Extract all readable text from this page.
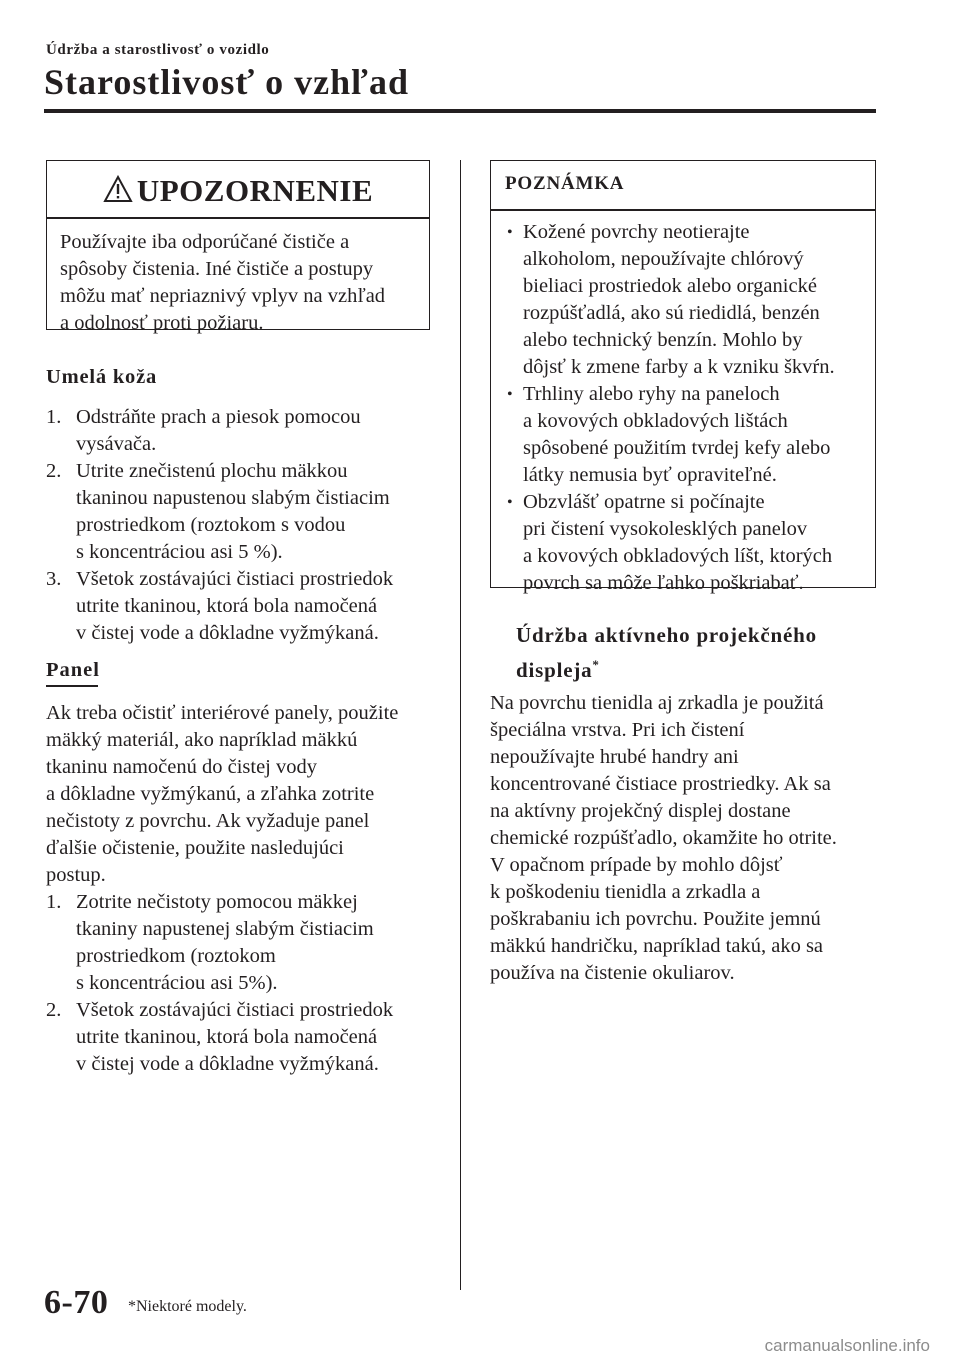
Údržba a starostlivosť o vozidlo
Starostlivosť o vzhľad
UPOZORNENIE
Používajte iba odporúčané čističe a
spôsoby čistenia. Iné čističe a postupy
môžu mať nepriaznivý vplyv na vzhľad
a odolnosť proti požiaru.
Umelá koža
1. Odstráňte prach a piesok pomocou
vysávača.
2. Utrite znečistenú plochu mäkkou
tkaninou napustenou slabým čistiacim
prostriedkom (roztokom s vodou
s koncentráciou asi 5 %).
3. Všetok zostávajúci čistiaci prostriedok
utrite tkaninou, ktorá bola namočená
v čistej vode a dôkladne vyžmýkaná.
Panel
Ak treba očistiť interiérové panely, použite
mäkký materiál, ako napríklad mäkkú
tkaninu namočenú do čistej vody
a dôkladne vyžmýkanú, a zľahka zotrite
nečistoty z povrchu. Ak vyžaduje panel
ďalšie očistenie, použite nasledujúci
postup.
1. Zotrite nečistoty pomocou mäkkej
tkaniny napustenej slabým čistiacim
prostriedkom (roztokom
s koncentráciou asi 5%).
2. Všetok zostávajúci čistiaci prostriedok
utrite tkaninou, ktorá bola namočená
v čistej vode a dôkladne vyžmýkaná.
POZNÁMKA
• Kožené povrchy neotierajte
alkoholom, nepoužívajte chlórový
bieliaci prostriedok alebo organické
rozpúšťadlá, ako sú riedidlá, benzén
alebo technický benzín. Mohlo by
dôjsť k zmene farby a k vzniku škvŕn.
• Trhliny alebo ryhy na paneloch
a kovových obkladových lištách
spôsobené použitím tvrdej kefy alebo
látky nemusia byť opraviteľné.
• Obzvlášť opatrne si počínajte
pri čistení vysokolesklých panelov
a kovových obkladových líšt, ktorých
povrch sa môže ľahko poškriabať.
Údržba aktívneho projekčného
displeja*
Na povrchu tienidla aj zrkadla je použitá
špeciálna vrstva. Pri ich čistení
nepoužívajte hrubé handry ani
koncentrované čistiace prostriedky. Ak sa
na aktívny projekčný displej dostane
chemické rozpúšťadlo, okamžite ho otrite.
V opačnom prípade by mohlo dôjsť
k poškodeniu tienidla a zrkadla a
poškrabaniu ich povrchu. Použite jemnú
mäkkú handričku, napríklad takú, ako sa
používa na čistenie okuliarov.
6-70 *Niektoré modely.
carmanualsonline.info
